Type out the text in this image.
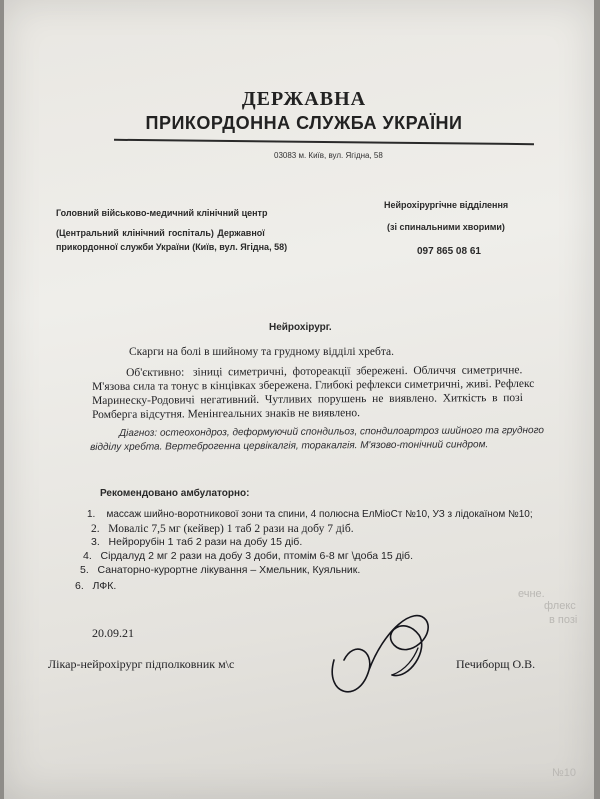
ДЕРЖАВНА
ПРИКОРДОННА СЛУЖБА УКРАЇНИ
03083 м. Київ, вул. Ягідна, 58
Головний військово-медичний клінічний центр
(Центральний клінічний госпіталь) Державної
прикордонної служби України (Київ, вул. Ягідна, 58)
Нейрохірургічне відділення
(зі спинальними хворими)
097 865 08 61
Нейрохірург.
Скарги на болі в шийному та грудному відділі хребта.
Об'єктивно:   зіниці  симетричні,  фотореакції  збережені.  Обличчя  симетричне.
М'язова сила та тонус в кінцівках збережена. Глибокі рефлекси симетричні, живі. Рефлекс
Маринеску-Родовичі  негативний.  Чутливих  порушень  не  виявлено.  Хиткість  в  позі
Ромберга відсутня. Менінгеальних знаків не виявлено.
Діагноз: остеохондроз, деформуючий спондильоз, спондилоартроз шийного та грудного
відділу хребта. Вертеброгенна цервікалгія, торакалгія. М'язово-тонічний синдром.
Рекомендовано амбулаторно:
1. массаж шийно-воротникової зони та спини, 4 полюсна ЕлМіоСт №10, УЗ з лідокаїном №10;
2. Моваліс 7,5 мг (кейвер) 1 таб 2 рази на добу 7 діб.
3. Нейрорубін 1 таб 2 рази на добу 15 діб.
4. Сірдалуд 2 мг 2 рази на добу 3 доби, птомім 6-8 мг \доба 15 діб.
5. Санаторно-курортне лікування – Хмельник, Куяльник.
6. ЛФК.
20.09.21
Лікар-нейрохірург підполковник м\с	Печиборщ О.В.
ечне.
флекс
в позі
№10
